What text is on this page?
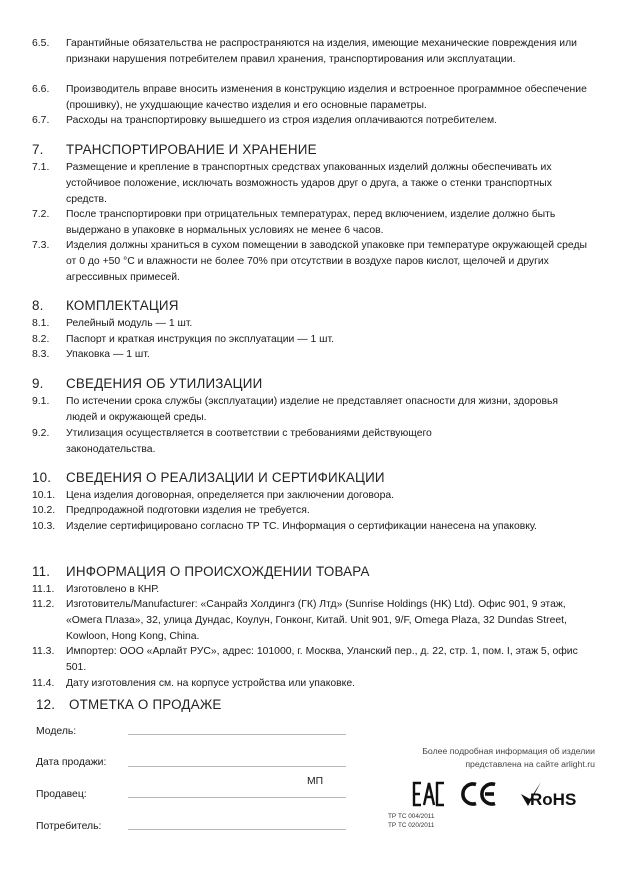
6.5. Гарантийные обязательства не распространяются на изделия, имеющие механические повреждения или признаки нарушения потребителем правил хранения, транспортирования или эксплуатации.
6.6. Производитель вправе вносить изменения в конструкцию изделия и встроенное программное обеспечение (прошивку), не ухудшающие качество изделия и его основные параметры.
6.7. Расходы на транспортировку вышедшего из строя изделия оплачиваются потребителем.
7. ТРАНСПОРТИРОВАНИЕ И ХРАНЕНИЕ
7.1. Размещение и крепление в транспортных средствах упакованных изделий должны обеспечивать их устойчивое положение, исключать возможность ударов друг о друга, а также о стенки транспортных средств.
7.2. После транспортировки при отрицательных температурах, перед включением, изделие должно быть выдержано в упаковке в нормальных условиях не менее 6 часов.
7.3. Изделия должны храниться в сухом помещении в заводской упаковке при температуре окружающей среды от 0 до +50 °С и влажности не более 70% при отсутствии в воздухе паров кислот, щелочей и других агрессивных примесей.
8. КОМПЛЕКТАЦИЯ
8.1. Релейный модуль — 1 шт.
8.2. Паспорт и краткая инструкция по эксплуатации — 1 шт.
8.3. Упаковка — 1 шт.
9. СВЕДЕНИЯ ОБ УТИЛИЗАЦИИ
9.1. По истечении срока службы (эксплуатации) изделие не представляет опасности для жизни, здоровья людей и окружающей среды.
9.2. Утилизация осуществляется в соответствии с требованиями действующего законодательства.
10. СВЕДЕНИЯ О РЕАЛИЗАЦИИ И СЕРТИФИКАЦИИ
10.1. Цена изделия договорная, определяется при заключении договора.
10.2. Предпродажной подготовки изделия не требуется.
10.3. Изделие сертифицировано согласно ТР ТС. Информация о сертификации нанесена на упаковку.
11. ИНФОРМАЦИЯ О ПРОИСХОЖДЕНИИ ТОВАРА
11.1. Изготовлено в КНР.
11.2. Изготовитель/Manufacturer: «Санрайз Холдингз (ГК) Лтд» (Sunrise Holdings (HK) Ltd). Офис 901, 9 этаж, «Омега Плаза», 32, улица Дундас, Коулун, Гонконг, Китай. Unit 901, 9/F, Omega Plaza, 32 Dundas Street, Kowloon, Hong Kong, China.
11.3. Импортер: ООО «Арлайт РУС», адрес: 101000, г. Москва, Уланский пер., д. 22, стр. 1, пом. I, этаж 5, офис 501.
11.4. Дату изготовления см. на корпусе устройства или упаковке.
12. ОТМЕТКА О ПРОДАЖЕ
Модель:
Дата продажи:
Продавец:
Потребитель:
МП
Более подробная информация об изделии
представлена на сайте arlight.ru
EAC	CE
RoHS
ТР ТС 004/2011
ТР ТС 020/2011
